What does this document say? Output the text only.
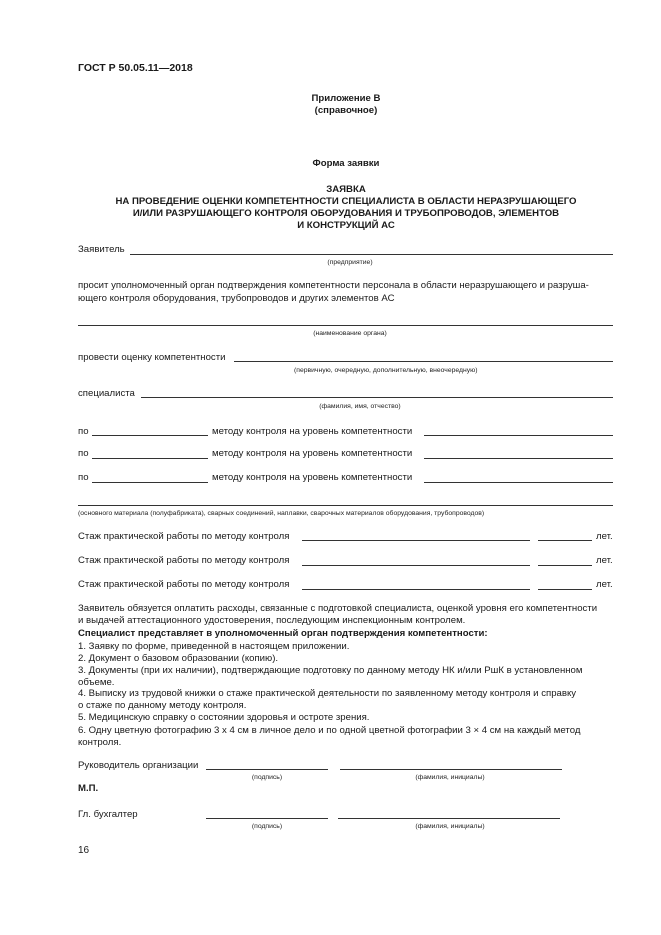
ГОСТ Р 50.05.11—2018
Приложение В
(справочное)
Форма заявки
ЗАЯВКА
НА ПРОВЕДЕНИЕ ОЦЕНКИ КОМПЕТЕНТНОСТИ СПЕЦИАЛИСТА В ОБЛАСТИ НЕРАЗРУШАЮЩЕГО
И/ИЛИ РАЗРУШАЮЩЕГО КОНТРОЛЯ ОБОРУДОВАНИЯ И ТРУБОПРОВОДОВ, ЭЛЕМЕНТОВ
И КОНСТРУКЦИЙ АС
Заявитель
(предприятие)
просит уполномоченный орган подтверждения компетентности персонала в области неразрушающего и разруша-
ющего контроля оборудования, трубопроводов и других элементов АС
(наименование органа)
провести оценку компетентности
(первичную, очередную, дополнительную, внеочередную)
специалиста
(фамилия, имя, отчество)
по	методу контроля на уровень компетентности
по	методу контроля на уровень компетентности
по	методу контроля на уровень компетентности
(основного материала (полуфабриката), сварных соединений, наплавки, сварочных материалов оборудования, трубопроводов)
Стаж практической работы по методу контроля	лет.
Стаж практической работы по методу контроля	лет.
Стаж практической работы по методу контроля	лет.
Заявитель обязуется оплатить расходы, связанные с подготовкой специалиста, оценкой уровня его компетентности
и выдачей аттестационного удостоверения, последующим инспекционным контролем.
Специалист представляет в уполномоченный орган подтверждения компетентности:
1. Заявку по форме, приведенной в настоящем приложении.
2. Документ о базовом образовании (копию).
3. Документы (при их наличии), подтверждающие подготовку по данному методу НК и/или РшК в установленном
объеме.
4. Выписку из трудовой книжки о стаже практической деятельности по заявленному методу контроля и справку
о стаже по данному методу контроля.
5. Медицинскую справку о состоянии здоровья и остроте зрения.
6. Одну цветную фотографию 3 х 4 см в личное дело и по одной цветной фотографии 3 × 4 см на каждый метод
контроля.
Руководитель организации
(подпись)	(фамилия, инициалы)
М.П.
Гл. бухгалтер
(подпись)	(фамилия, инициалы)
16
